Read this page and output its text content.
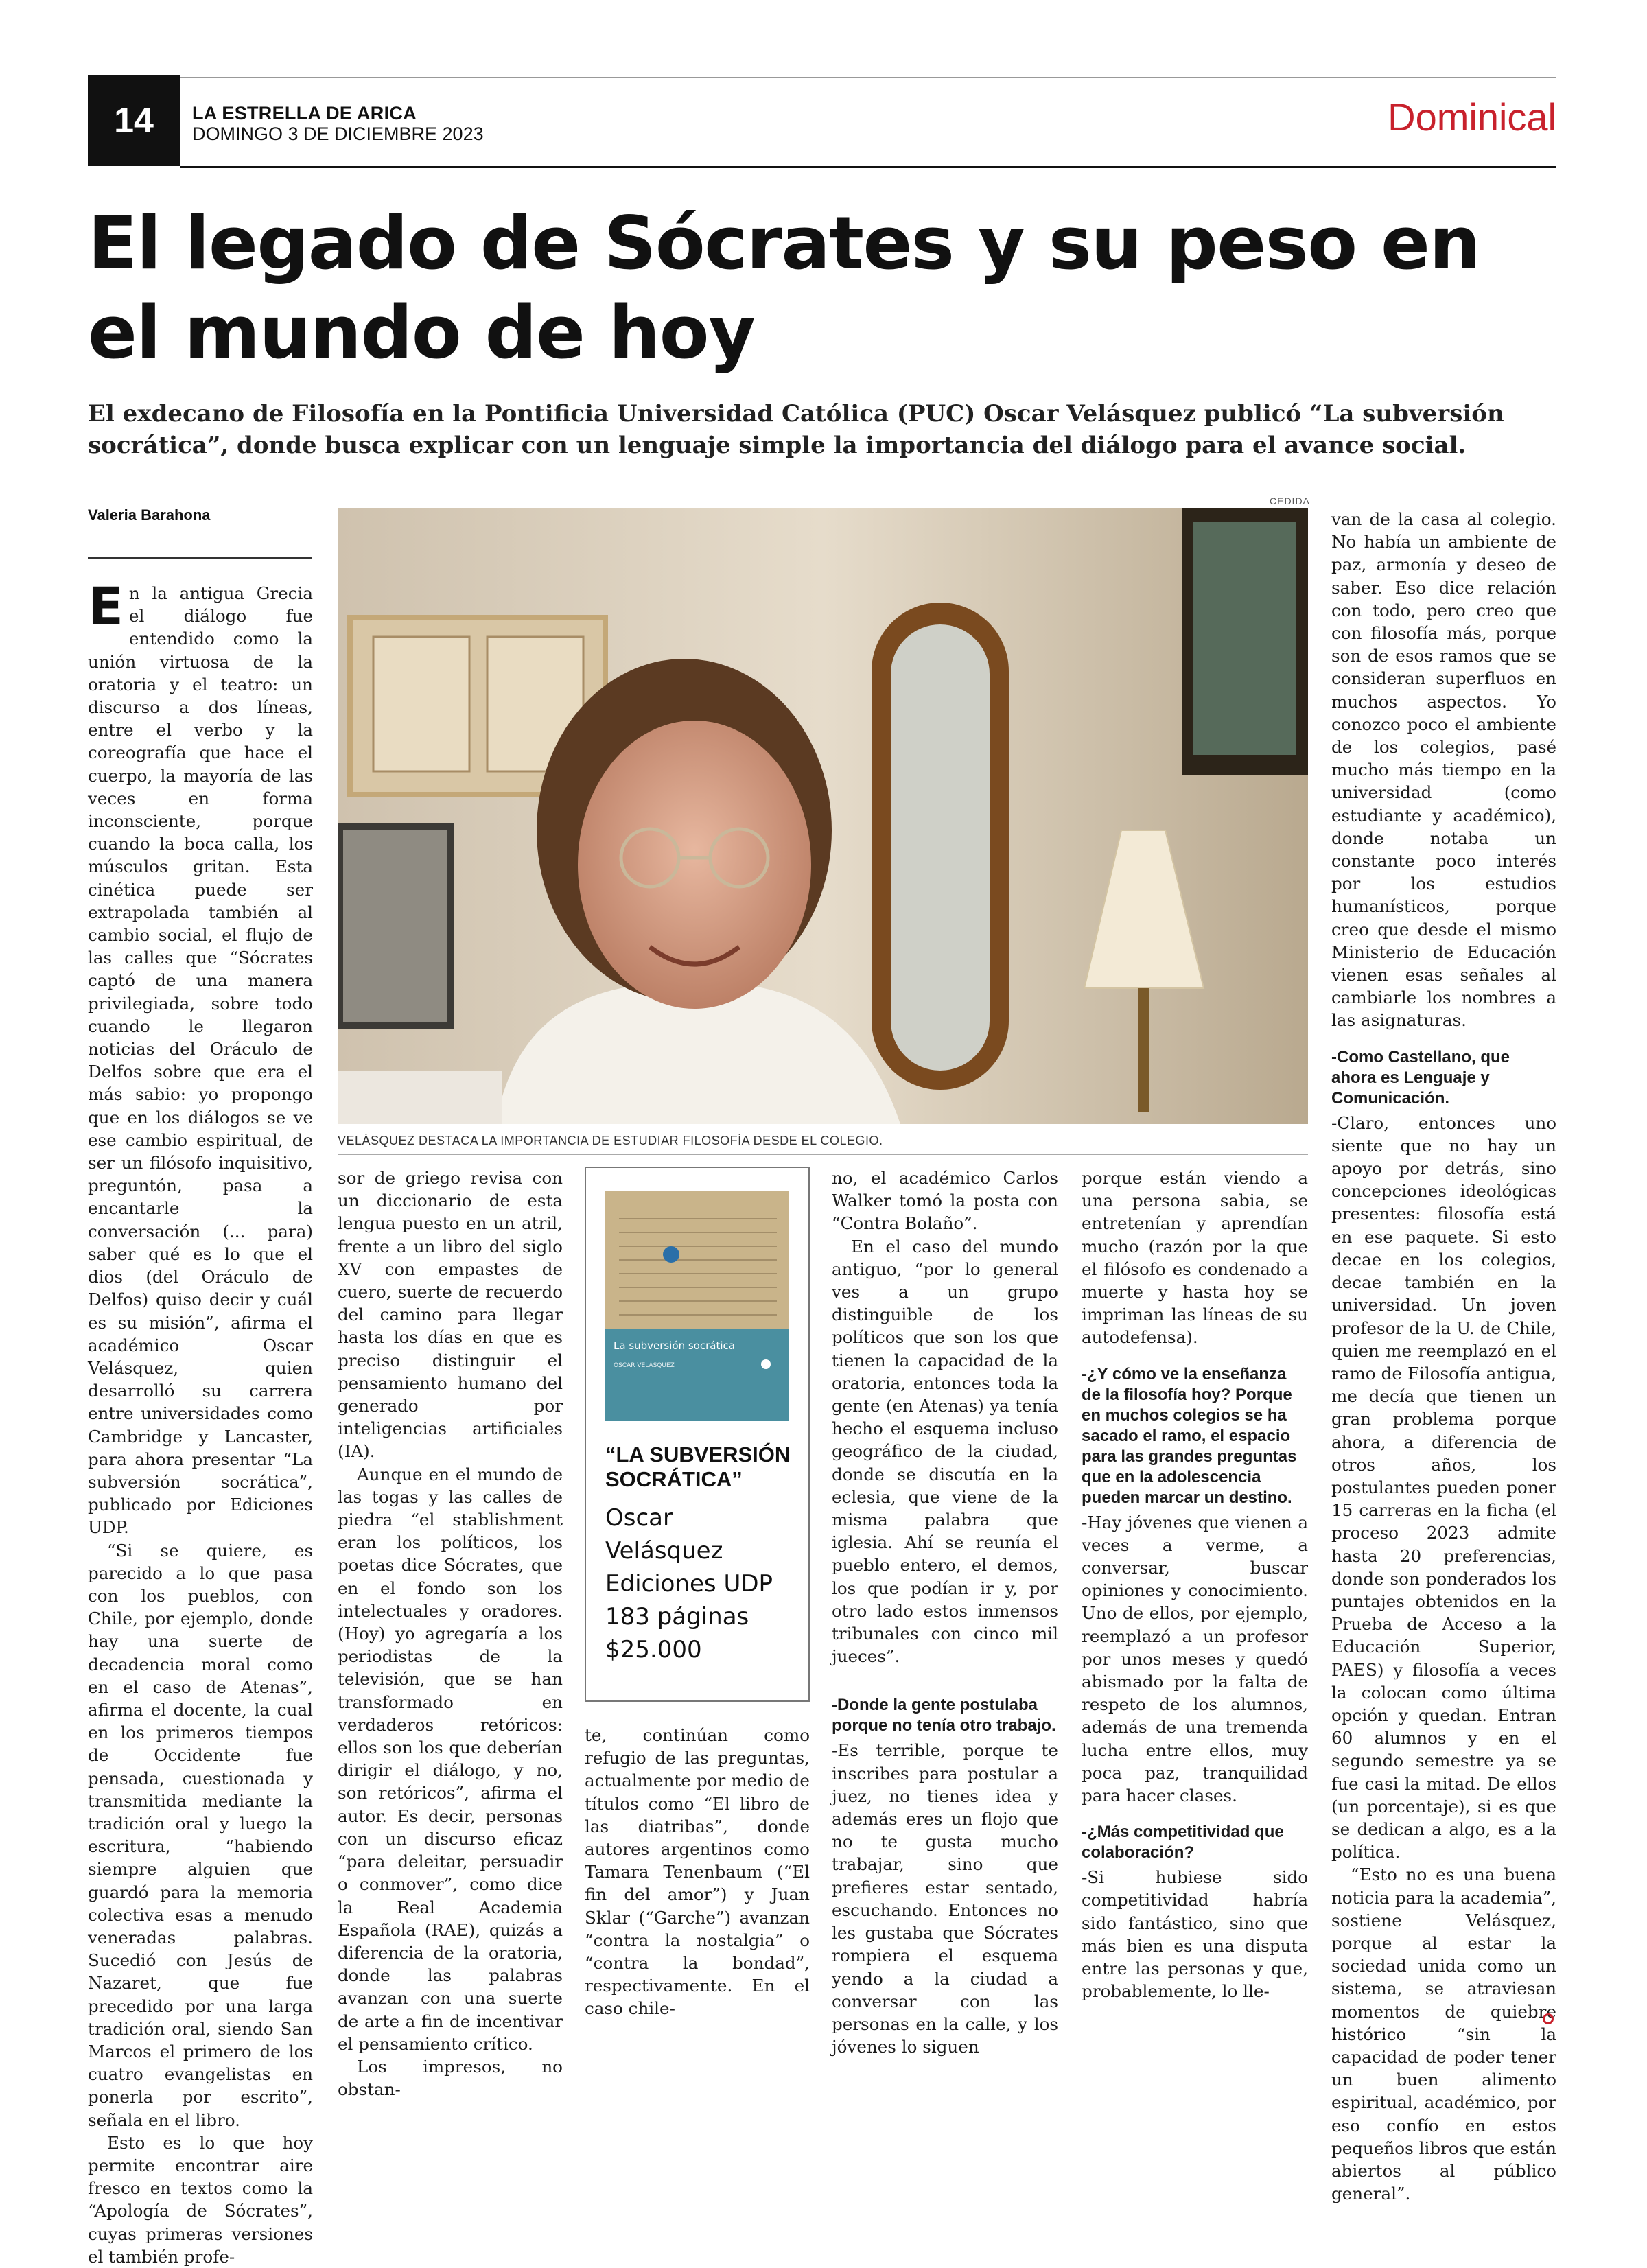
14	LA ESTRELLA DE ARICA
DOMINGO 3 DE DICIEMBRE 2023	Dominical
El legado de Sócrates y su peso en el mundo de hoy

El exdecano de Filosofía en la Pontificia Universidad Católica (PUC) Oscar Velásquez publicó “La subversión socrática”, donde busca explicar con un lenguaje simple la importancia del diálogo para el avance social.

Valeria Barahona
CEDIDA
VELÁSQUEZ DESTACA LA IMPORTANCIA DE ESTUDIAR FILOSOFÍA DESDE EL COLEGIO.

En la antigua Grecia el diálogo fue entendido como la unión virtuosa de la oratoria y el teatro: un discurso a dos líneas, entre el verbo y la coreografía que hace el cuerpo, la mayoría de las veces en forma inconsciente, porque cuando la boca calla, los músculos gritan. Esta cinética puede ser extrapolada también al cambio social, el flujo de las calles que “Sócrates captó de una manera privilegiada, sobre todo cuando le llegaron noticias del Oráculo de Delfos sobre que era el más sabio: yo propongo que en los diálogos se ve ese cambio espiritual, de ser un filósofo inquisitivo, preguntón, pasa a encantarle la conversación (... para) saber qué es lo que el dios (del Oráculo de Delfos) quiso decir y cuál es su misión”, afirma el académico Oscar Velásquez, quien desarrolló su carrera entre universidades como Cambridge y Lancaster, para ahora presentar “La subversión socrática”, publicado por Ediciones UDP.

“Si se quiere, es parecido a lo que pasa con los pueblos, con Chile, por ejemplo, donde hay una suerte de decadencia moral como en el caso de Atenas”, afirma el docente, la cual en los primeros tiempos de Occidente fue pensada, cuestionada y transmitida mediante la tradición oral y luego la escritura, “habiendo siempre alguien que guardó para la memoria colectiva esas a menudo veneradas palabras. Sucedió con Jesús de Nazaret, que fue precedido por una larga tradición oral, siendo San Marcos el primero de los cuatro evangelistas en ponerla por escrito”, señala en el libro.

Esto es lo que hoy permite encontrar aire fresco en textos como la “Apología de Sócrates”, cuyas primeras versiones el también profe-

sor de griego revisa con un diccionario de esta lengua puesto en un atril, frente a un libro del siglo XV con empastes de cuero, suerte de recuerdo del camino para llegar hasta los días en que es preciso distinguir el pensamiento humano del generado por inteligencias artificiales (IA).

Aunque en el mundo de las togas y las calles de piedra “el stablishment eran los políticos, los poetas dice Sócrates, que en el fondo son los intelectuales y oradores. (Hoy) yo agregaría a los periodistas de la televisión, que se han transformado en verdaderos retóricos: ellos son los que deberían dirigir el diálogo, y no, son retóricos”, afirma el autor. Es decir, personas con un discurso eficaz “para deleitar, persuadir o conmover”, como dice la Real Academia Española (RAE), quizás a diferencia de la oratoria, donde las palabras avanzan con una suerte de arte a fin de incentivar el pensamiento crítico.

Los impresos, no obstan-

La subversión socrática
OSCAR VELÁSQUEZ
“LA SUBVERSIÓN SOCRÁTICA”
Oscar
Velásquez
Ediciones UDP
183 páginas
$25.000

te, continúan como refugio de las preguntas, actualmente por medio de títulos como “El libro de las diatribas”, donde autores argentinos como Tamara Tenenbaum (“El fin del amor”) y Juan Sklar (“Garche”) avanzan “contra la nostalgia” o “contra la bondad”, respectivamente. En el caso chile-

no, el académico Carlos Walker tomó la posta con “Contra Bolaño”.

En el caso del mundo antiguo, “por lo general ves a un grupo distinguible de los políticos que son los que tienen la capacidad de la oratoria, entonces toda la gente (en Atenas) ya tenía hecho el esquema incluso geográfico de la ciudad, donde se discutía en la eclesia, que viene de la misma palabra que iglesia. Ahí se reunía el pueblo entero, el demos, los que podían ir y, por otro lado estos inmensos tribunales con cinco mil jueces”.

-Donde la gente postulaba porque no tenía otro trabajo.

-Es terrible, porque te inscribes para postular a juez, no tienes idea y además eres un flojo que no te gusta mucho trabajar, sino que prefieres estar sentado, escuchando. Entonces no les gustaba que Sócrates rompiera el esquema yendo a la ciudad a conversar con las personas en la calle, y los jóvenes lo siguen

porque están viendo a una persona sabia, se entretenían y aprendían mucho (razón por la que el filósofo es condenado a muerte y hasta hoy se impriman las líneas de su autodefensa).

-¿Y cómo ve la enseñanza de la filosofía hoy? Porque en muchos colegios se ha sacado el ramo, el espacio para las grandes preguntas que en la adolescencia pueden marcar un destino.

-Hay jóvenes que vienen a veces a verme, a conversar, buscar opiniones y conocimiento. Uno de ellos, por ejemplo, reemplazó a un profesor por unos meses y quedó abismado por la falta de respeto de los alumnos, además de una tremenda lucha entre ellos, muy poca paz, tranquilidad para hacer clases.

-¿Más competitividad que colaboración?

-Si hubiese sido competitividad habría sido fantástico, sino que más bien es una disputa entre las personas y que, probablemente, lo lle-

van de la casa al colegio. No había un ambiente de paz, armonía y deseo de saber. Eso dice relación con todo, pero creo que con filosofía más, porque son de esos ramos que se consideran superfluos en muchos aspectos. Yo conozco poco el ambiente de los colegios, pasé mucho más tiempo en la universidad (como estudiante y académico), donde notaba un constante poco interés por los estudios humanísticos, porque creo que desde el mismo Ministerio de Educación vienen esas señales al cambiarle los nombres a las asignaturas.

-Como Castellano, que ahora es Lenguaje y Comunicación.

-Claro, entonces uno siente que no hay un apoyo por detrás, sino concepciones ideológicas presentes: filosofía está en ese paquete. Si esto decae en los colegios, decae también en la universidad. Un joven profesor de la U. de Chile, quien me reemplazó en el ramo de Filosofía antigua, me decía que tienen un gran problema porque ahora, a diferencia de otros años, los postulantes pueden poner 15 carreras en la ficha (el proceso 2023 admite hasta 20 preferencias, donde son ponderados los puntajes obtenidos en la Prueba de Acceso a la Educación Superior, PAES) y filosofía a veces la colocan como última opción y quedan. Entran 60 alumnos y en el segundo semestre ya se fue casi la mitad. De ellos (un porcentaje), si es que se dedican a algo, es a la política.

“Esto no es una buena noticia para la academia”, sostiene Velásquez, porque al estar la sociedad unida como un sistema, se atraviesan momentos de quiebre histórico “sin la capacidad de poder tener un buen alimento espiritual, académico, por eso confío en estos pequeños libros que están abiertos al público general”.
